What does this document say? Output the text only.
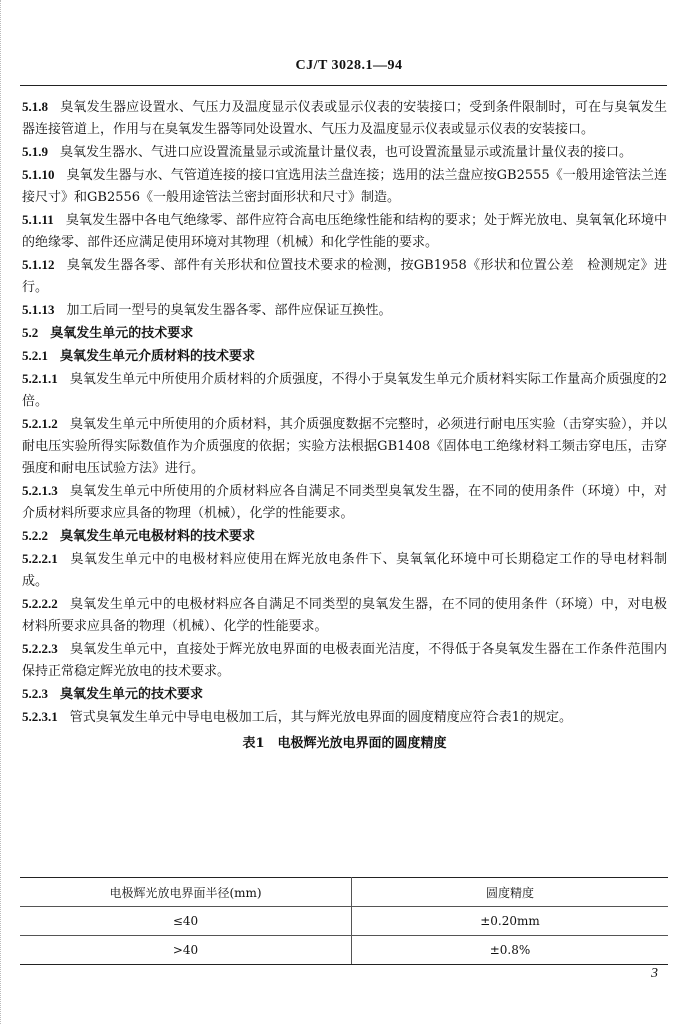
CJ/T 3028.1—94

5.1.8 臭氧发生器应设置水、气压力及温度显示仪表或显示仪表的安装接口；受到条件限制时，可在与臭氧发生器连接管道上，作用与在臭氧发生器等同处设置水、气压力及温度显示仪表或显示仪表的安装接口。

5.1.9 臭氧发生器水、气进口应设置流量显示或流量计量仪表，也可设置流量显示或流量计量仪表的接口。

5.1.10 臭氧发生器与水、气管道连接的接口宜选用法兰盘连接；选用的法兰盘应按GB2555《一般用途管法兰连接尺寸》和GB2556《一般用途管法兰密封面形状和尺寸》制造。

5.1.11 臭氧发生器中各电气绝缘零、部件应符合高电压绝缘性能和结构的要求；处于辉光放电、臭氧氧化环境中的绝缘零、部件还应满足使用环境对其物理（机械）和化学性能的要求。

5.1.12 臭氧发生器各零、部件有关形状和位置技术要求的检测，按GB1958《形状和位置公差　检测规定》进行。

5.1.13 加工后同一型号的臭氧发生器各零、部件应保证互换性。

5.2 臭氧发生单元的技术要求

5.2.1 臭氧发生单元介质材料的技术要求

5.2.1.1 臭氧发生单元中所使用介质材料的介质强度，不得小于臭氧发生单元介质材料实际工作量高介质强度的2倍。

5.2.1.2 臭氧发生单元中所使用的介质材料，其介质强度数据不完整时，必须进行耐电压实验（击穿实验），并以耐电压实验所得实际数值作为介质强度的依据；实验方法根据GB1408《固体电工绝缘材料工频击穿电压，击穿强度和耐电压试验方法》进行。

5.2.1.3 臭氧发生单元中所使用的介质材料应各自满足不同类型臭氧发生器，在不同的使用条件（环境）中，对介质材料所要求应具备的物理（机械），化学的性能要求。

5.2.2 臭氧发生单元电极材料的技术要求

5.2.2.1 臭氧发生单元中的电极材料应使用在辉光放电条件下、臭氧氧化环境中可长期稳定工作的导电材料制成。

5.2.2.2 臭氧发生单元中的电极材料应各自满足不同类型的臭氧发生器，在不同的使用条件（环境）中，对电极材料所要求应具备的物理（机械）、化学的性能要求。

5.2.2.3 臭氧发生单元中，直接处于辉光放电界面的电极表面光洁度，不得低于各臭氧发生器在工作条件范围内保持正常稳定辉光放电的技术要求。

5.2.3 臭氧发生单元的技术要求

5.2.3.1 管式臭氧发生单元中导电电极加工后，其与辉光放电界面的圆度精度应符合表1的规定。

表1　电极辉光放电界面的圆度精度
电极辉光放电界面半径(mm)	圆度精度
≤40	±0.20mm
>40	±0.8%
3
